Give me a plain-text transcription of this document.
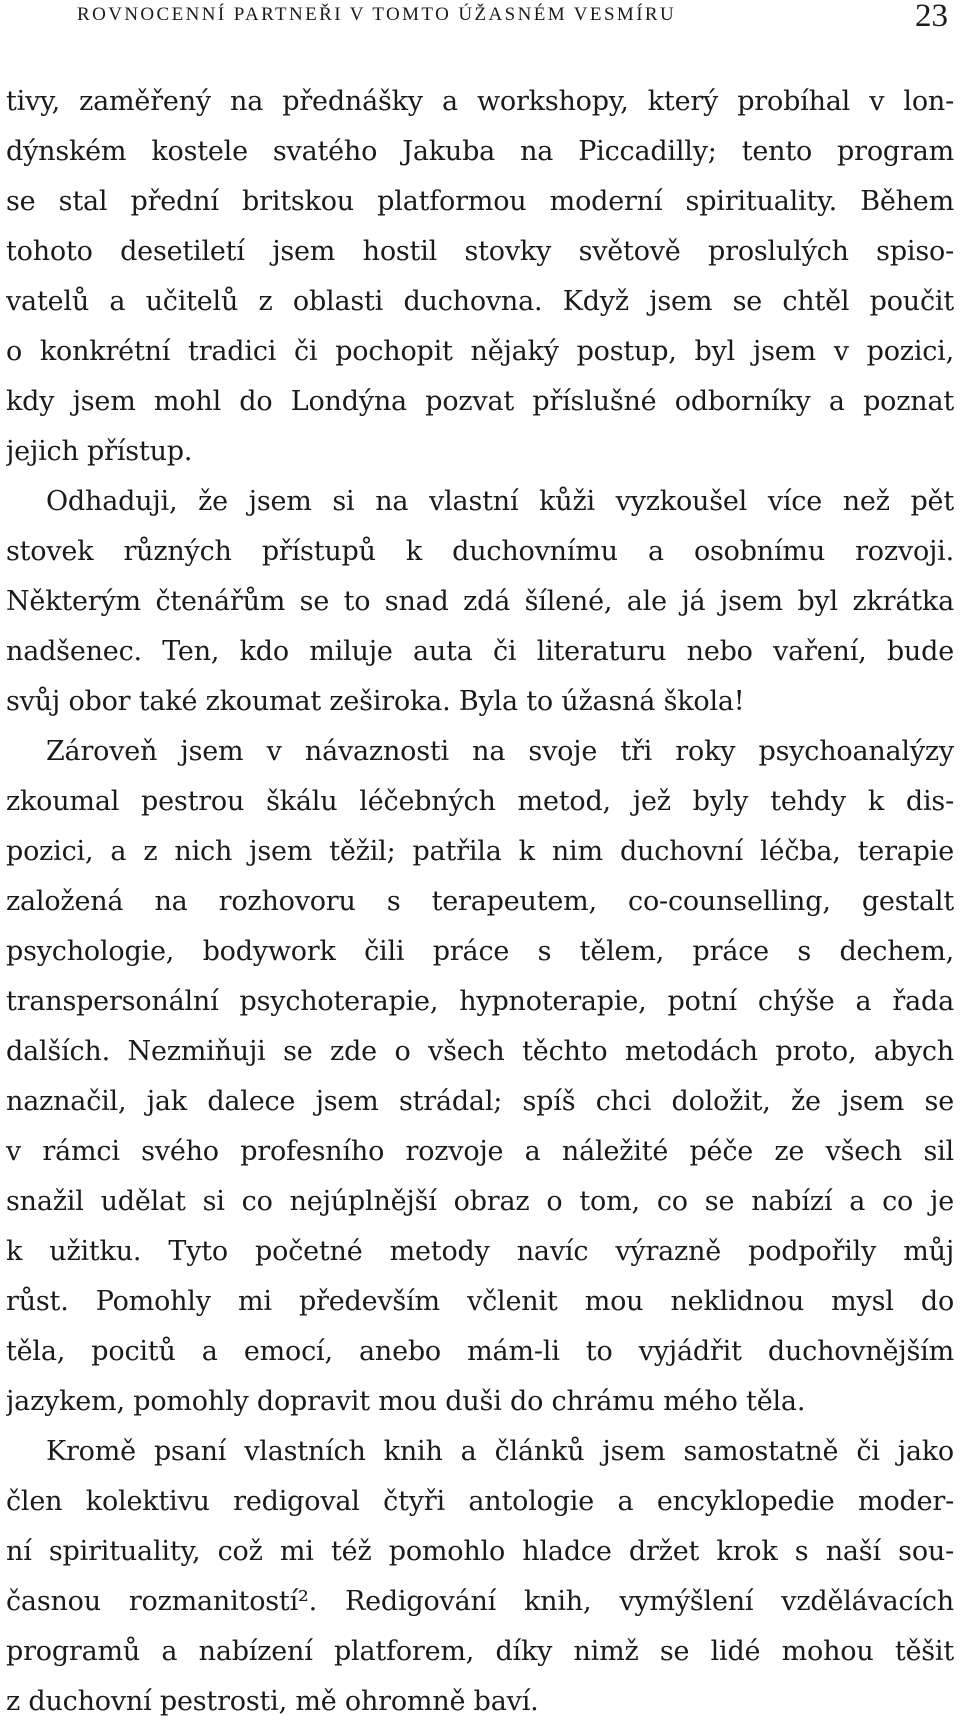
ROVNOCENNÍ PARTNEŘI V TOMTO ÚŽASNÉM VESMÍRU	23
tivy, zaměřený na přednášky a workshopy, který probíhal v lon-
dýnském kostele svatého Jakuba na Piccadilly; tento program
se stal přední britskou platformou moderní spirituality. Během
tohoto desetiletí jsem hostil stovky světově proslulých spiso-
vatelů a učitelů z oblasti duchovna. Když jsem se chtěl poučit
o konkrétní tradici či pochopit nějaký postup, byl jsem v pozici,
kdy jsem mohl do Londýna pozvat příslušné odborníky a poznat
jejich přístup.
Odhaduji, že jsem si na vlastní kůži vyzkoušel více než pět
stovek různých přístupů k duchovnímu a osobnímu rozvoji.
Některým čtenářům se to snad zdá šílené, ale já jsem byl zkrátka
nadšenec. Ten, kdo miluje auta či literaturu nebo vaření, bude
svůj obor také zkoumat zeširoka. Byla to úžasná škola!
Zároveň jsem v návaznosti na svoje tři roky psychoanalýzy
zkoumal pestrou škálu léčebných metod, jež byly tehdy k dis-
pozici, a z nich jsem těžil; patřila k nim duchovní léčba, terapie
založená na rozhovoru s terapeutem, co-counselling, gestalt
psychologie, bodywork čili práce s tělem, práce s dechem,
transpersonální psychoterapie, hypnoterapie, potní chýše a řada
dalších. Nezmiňuji se zde o všech těchto metodách proto, abych
naznačil, jak dalece jsem strádal; spíš chci doložit, že jsem se
v rámci svého profesního rozvoje a náležité péče ze všech sil
snažil udělat si co nejúplnější obraz o tom, co se nabízí a co je
k užitku. Tyto početné metody navíc výrazně podpořily můj
růst. Pomohly mi především včlenit mou neklidnou mysl do
těla, pocitů a emocí, anebo mám-li to vyjádřit duchovnějším
jazykem, pomohly dopravit mou duši do chrámu mého těla.
Kromě psaní vlastních knih a článků jsem samostatně či jako
člen kolektivu redigoval čtyři antologie a encyklopedie moder-
ní spirituality, což mi též pomohlo hladce držet krok s naší sou-
časnou rozmanitostí². Redigování knih, vymýšlení vzdělávacích
programů a nabízení platforem, díky nimž se lidé mohou těšit
z duchovní pestrosti, mě ohromně baví.
